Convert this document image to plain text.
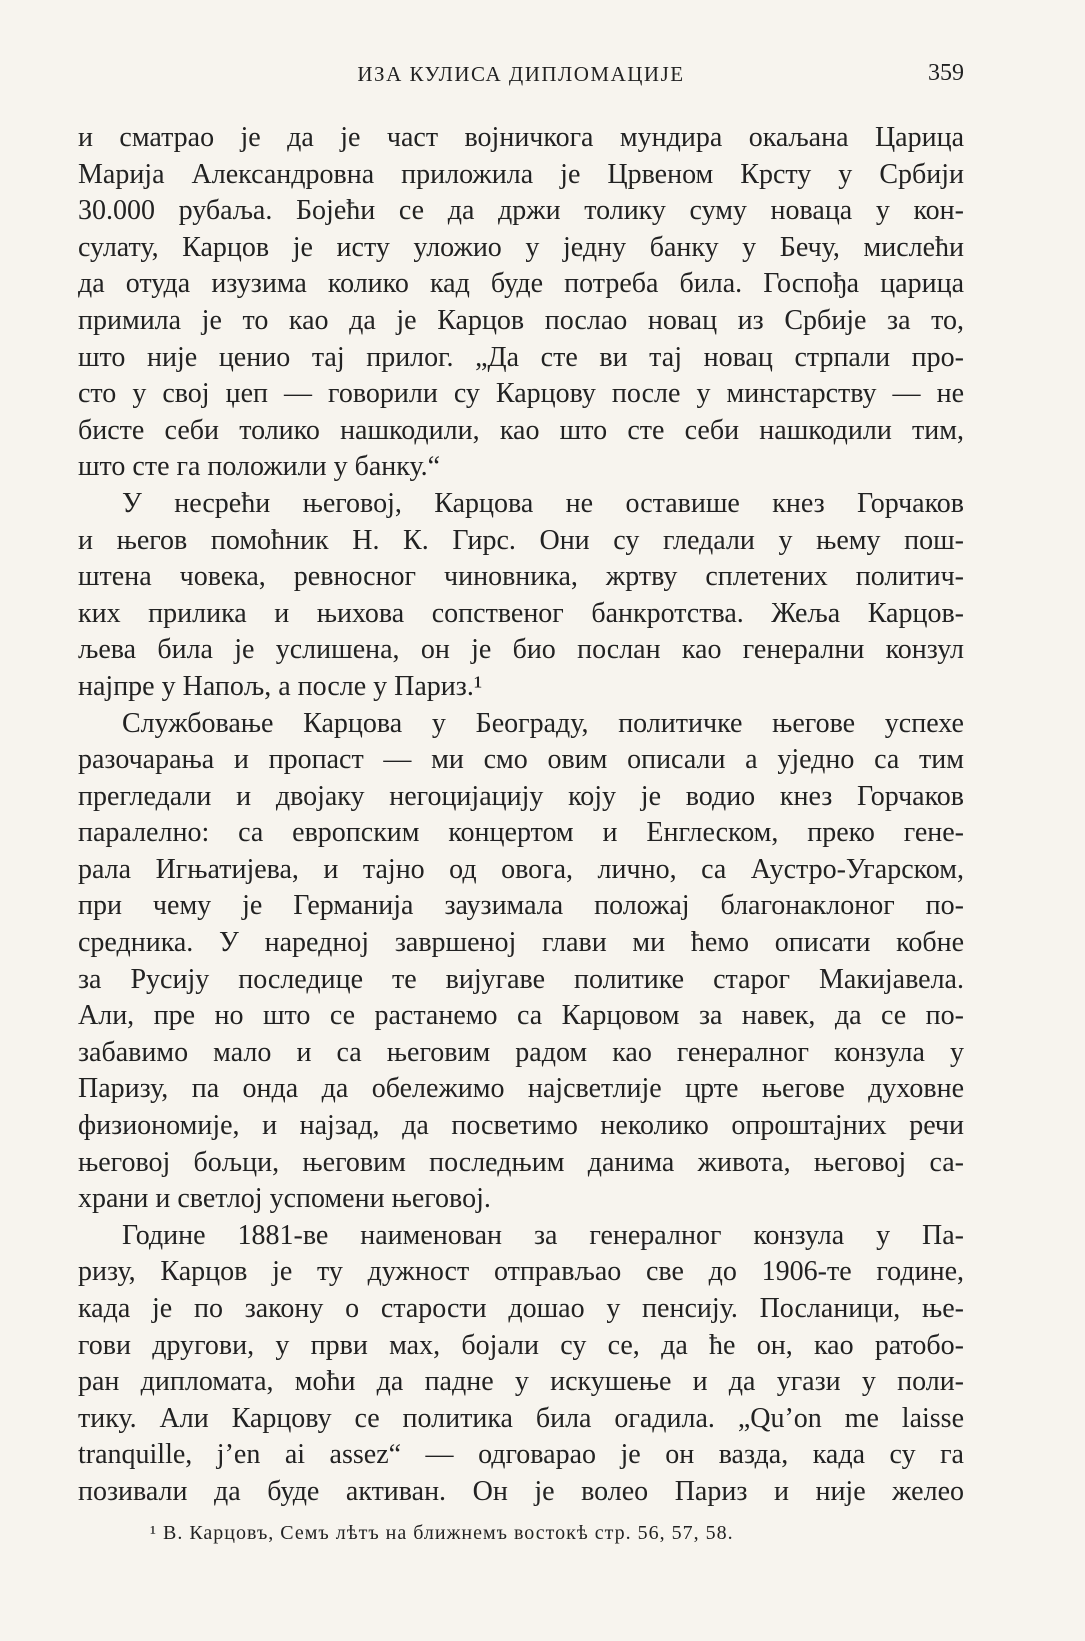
ИЗА КУЛИСА ДИПЛОМАЦИЈЕ	359
и сматрао је да је част војничкога мундира окаљана Царица
Марија Александровна приложила је Црвеном Крсту у Србији
30.000 рубаља. Бојећи се да држи толику суму новаца у кон-
сулату, Карцов је исту уложио у једну банку у Бечу, мислећи
да отуда изузима колико кад буде потреба била. Госпођа царица
примила је то као да је Карцов послао новац из Србије за то,
што није ценио тај прилог. „Да сте ви тај новац стрпали про-
сто у свој џеп — говорили су Карцову после у минстарству — не
бисте себи толико нашкодили, као што сте себи нашкодили тим,
што сте га положили у банку.“
У несрећи његовој, Карцова не оставише кнез Горчаков
и његов помоћник Н. К. Гирс. Они су гледали у њему пош-
штена човека, ревносног чиновника, жртву сплетених политич-
ких прилика и њихова сопственог банкротства. Жеља Карцов-
љева била је услишена, он је био послан као генерални конзул
најпре у Напољ, а после у Париз.¹
Службовање Карцова у Београду, политичке његове успехе
разочарања и пропаст — ми смо овим описали а уједно са тим
прегледали и двојаку негоцијацију коју је водио кнез Горчаков
паралелно: са европским концертом и Енглеском, преко гене-
рала Игњатијева, и тајно од овога, лично, са Аустро-Угарском,
при чему је Германија заузимала положај благонаклоног по-
средника. У наредној завршеној глави ми ћемо описати кобне
за Русију последице те вијугаве политике старог Макијавела.
Али, пре но што се растанемо са Карцовом за навек, да се по-
забавимо мало и са његовим радом као генералног конзула у
Паризу, па онда да обележимо најсветлије црте његове духовне
физиономије, и најзад, да посветимо неколико опроштајних речи
његовој бољци, његовим последњим данима живота, његовој са-
храни и светлој успомени његовој.
Године 1881-ве наименован за генералног конзула у Па-
ризу, Карцов је ту дужност отправљао све до 1906-те године,
када је по закону о старости дошао у пенсију. Посланици, ње-
гови другови, у први мах, бојали су се, да ће он, као ратобо-
ран дипломата, моћи да падне у искушење и да угази у поли-
тику. Али Карцову се политика била огадила. „Qu’on me laisse
tranquille, j’en ai assez“ — одговарао је он вазда, када су га
позивали да буде активан. Он је волео Париз и није желео
¹ В. Карцовъ, Семъ лѣтъ на ближнемъ востокѣ стр. 56, 57, 58.
